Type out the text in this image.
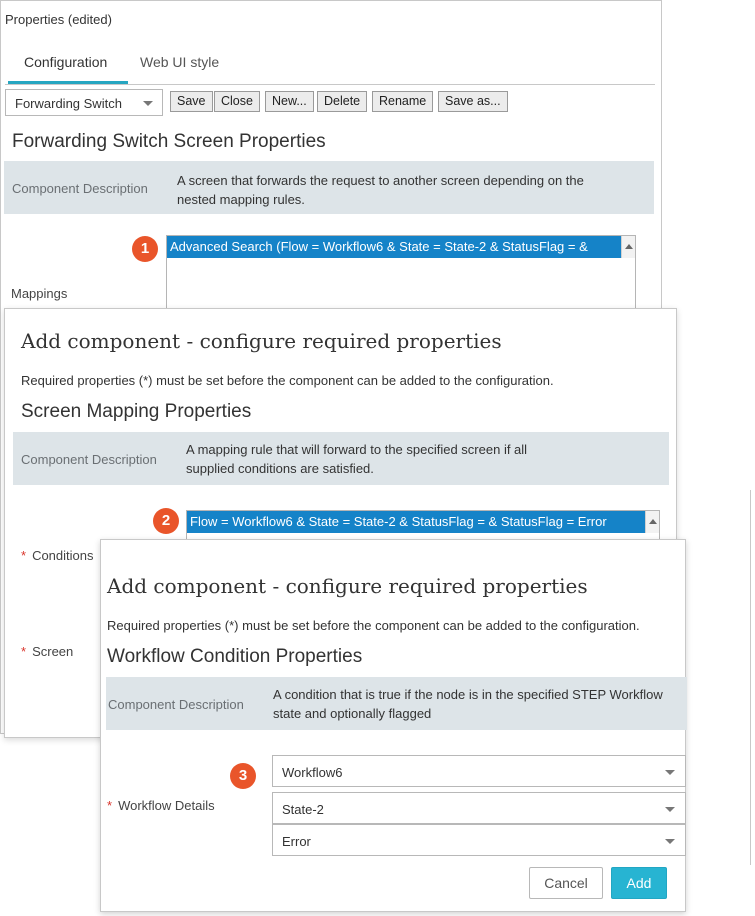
Properties (edited)
Configuration Web UI style
Forwarding Switch	Save	Close	New...	Delete	Rename	Save as...
Forwarding Switch Screen Properties
Component Description
A screen that forwards the request to another screen depending on the
nested mapping rules.
1
Mappings
Advanced Search (Flow = Workflow6 & State = State-2 & StatusFlag = &
Add component - configure required properties
Required properties (*) must be set before the component can be added to the configuration.
Screen Mapping Properties
Component Description
A mapping rule that will forward to the specified screen if all
supplied conditions are satisfied.
2	Flow = Workflow6 & State = State-2 & StatusFlag = & StatusFlag = Error
* Conditions
* Screen
Add component - configure required properties
Required properties (*) must be set before the component can be added to the configuration.
Workflow Condition Properties
Component Description
A condition that is true if the node is in the specified STEP Workflow
state and optionally flagged
3
* Workflow Details
Workflow6
State-2
Error
Cancel	Add
